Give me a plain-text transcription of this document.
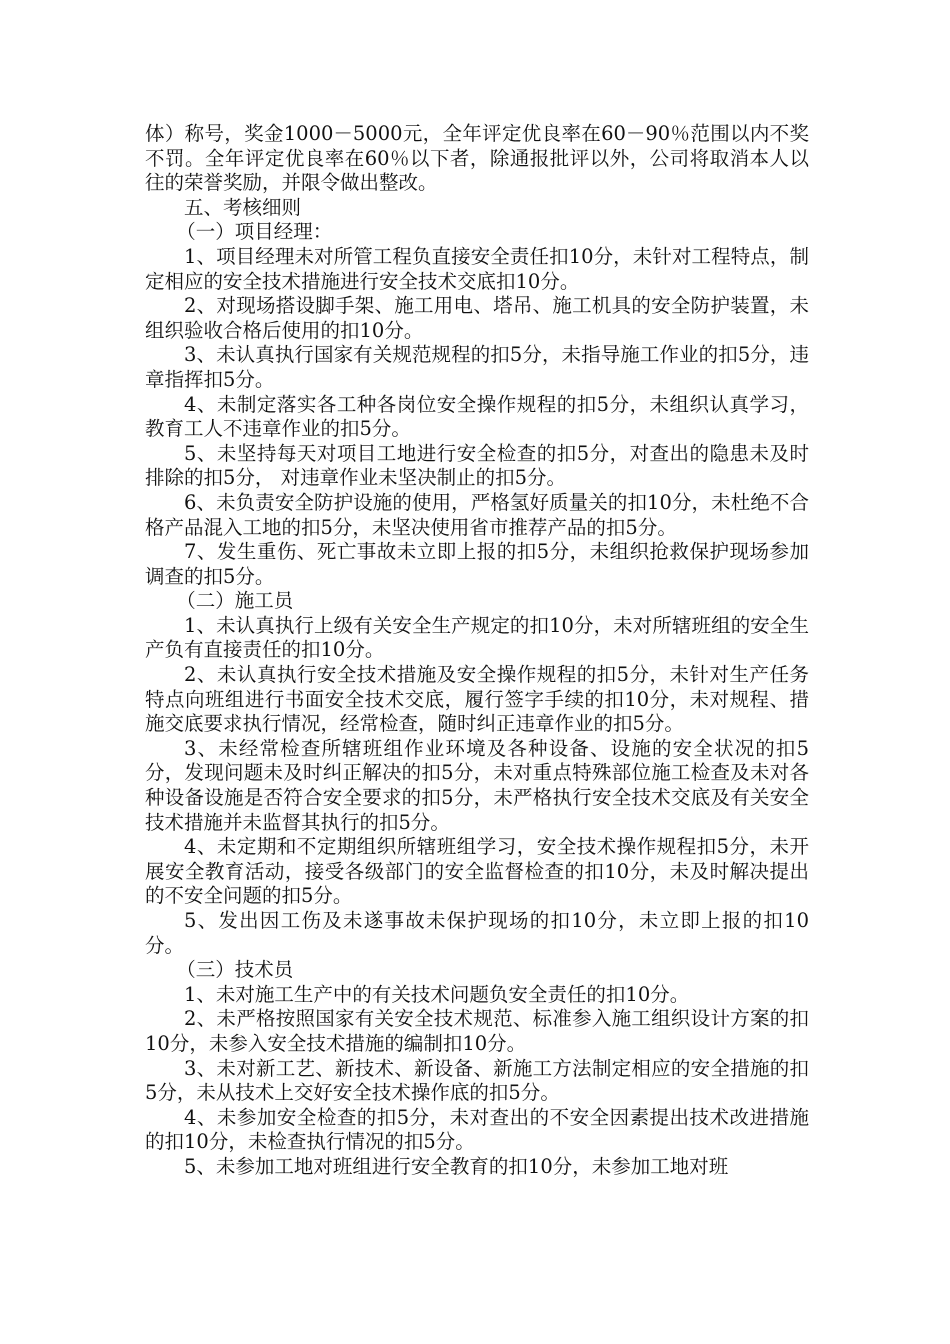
体）称号，奖金1000－5000元，全年评定优良率在60－90％范围以内不奖不罚。全年评定优良率在60％以下者，除通报批评以外，公司将取消本人以往的荣誉奖励，并限令做出整改。

五、考核细则

（一）项目经理：

1、项目经理未对所管工程负直接安全责任扣10分，未针对工程特点，制定相应的安全技术措施进行安全技术交底扣10分。

2、对现场搭设脚手架、施工用电、塔吊、施工机具的安全防护装置，未组织验收合格后使用的扣10分。

3、未认真执行国家有关规范规程的扣5分，未指导施工作业的扣5分，违章指挥扣5分。

4、未制定落实各工种各岗位安全操作规程的扣5分，未组织认真学习，教育工人不违章作业的扣5分。

5、未坚持每天对项目工地进行安全检查的扣5分，对查出的隐患未及时排除的扣5分， 对违章作业未坚决制止的扣5分。

6、未负责安全防护设施的使用，严格氢好质量关的扣10分，未杜绝不合格产品混入工地的扣5分，未坚决使用省市推荐产品的扣5分。

7、发生重伤、死亡事故未立即上报的扣5分，未组织抢救保护现场参加调查的扣5分。

（二）施工员

1、未认真执行上级有关安全生产规定的扣10分，未对所辖班组的安全生产负有直接责任的扣10分。

2、未认真执行安全技术措施及安全操作规程的扣5分，未针对生产任务特点向班组进行书面安全技术交底，履行签字手续的扣10分，未对规程、措施交底要求执行情况，经常检查，随时纠正违章作业的扣5分。

3、未经常检查所辖班组作业环境及各种设备、设施的安全状况的扣5分，发现问题未及时纠正解决的扣5分，未对重点特殊部位施工检查及未对各种设备设施是否符合安全要求的扣5分，未严格执行安全技术交底及有关安全技术措施并未监督其执行的扣5分。

4、未定期和不定期组织所辖班组学习，安全技术操作规程扣5分，未开展安全教育活动，接受各级部门的安全监督检查的扣10分，未及时解决提出的不安全问题的扣5分。

5、发出因工伤及未遂事故未保护现场的扣10分，未立即上报的扣10分。

（三）技术员

1、未对施工生产中的有关技术问题负安全责任的扣10分。

2、未严格按照国家有关安全技术规范、标准参入施工组织设计方案的扣10分，未参入安全技术措施的编制扣10分。

3、未对新工艺、新技术、新设备、新施工方法制定相应的安全措施的扣5分，未从技术上交好安全技术操作底的扣5分。

4、未参加安全检查的扣5分，未对查出的不安全因素提出技术改进措施的扣10分，未检查执行情况的扣5分。

5、未参加工地对班组进行安全教育的扣10分，未参加工地对班
